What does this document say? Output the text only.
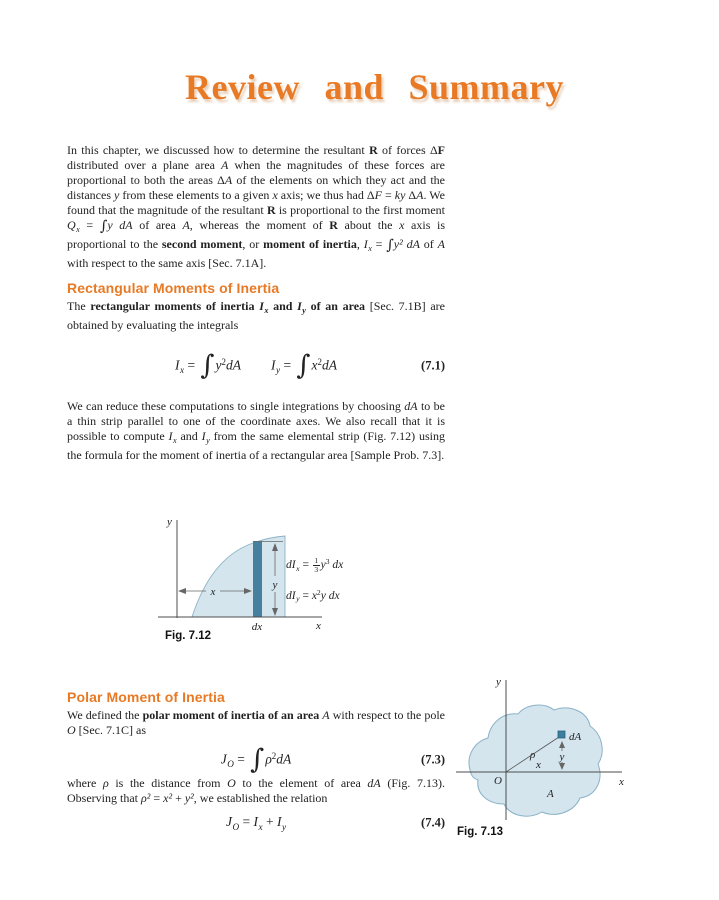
Review and Summary

In this chapter, we discussed how to determine the resultant R of forces ΔF distributed over a plane area A when the magnitudes of these forces are proportional to both the areas ΔA of the elements on which they act and the distances y from these elements to a given x axis; we thus had ΔF = ky ΔA. We found that the magnitude of the resultant R is proportional to the first moment $Q_x = \int y$ dA of area A, whereas the moment of R about the x axis is proportional to the second moment, or moment of inertia, $I_x = \int y^2$ dA of A with respect to the same axis [Sec. 7.1A].

Rectangular Moments of Inertia

The rectangular moments of inertia $I_x$ and $I_y$ of an area [Sec. 7.1B] are obtained by evaluating the integrals

$I_x = \int y^2dA$ $I_y = \int x^2dA$	(7.1)

We can reduce these computations to single integrations by choosing dA to be a thin strip parallel to one of the coordinate axes. We also recall that it is possible to compute $I_x$ and $I_y$ from the same elemental strip (Fig. 7.12) using the formula for the moment of inertia of a rectangular area [Sample Prob. 7.3].

y
x
x
y
dx
$dI_x = \frac{1}{3} y^3$ dx
$dI_y = x^2y$ dx

Fig. 7.12

Polar Moment of Inertia

We defined the polar moment of inertia of an area A with respect to the pole O [Sec. 7.1C] as

$J_O = \int\rho^2dA$	(7.3)

where ρ is the distance from O to the element of area dA (Fig. 7.13). Observing that ρ² = x² + y², we established the relation

$J_O = I_x + I_y$	(7.4)
y
x
O
ρ
x
y
dA
A

Fig. 7.13
